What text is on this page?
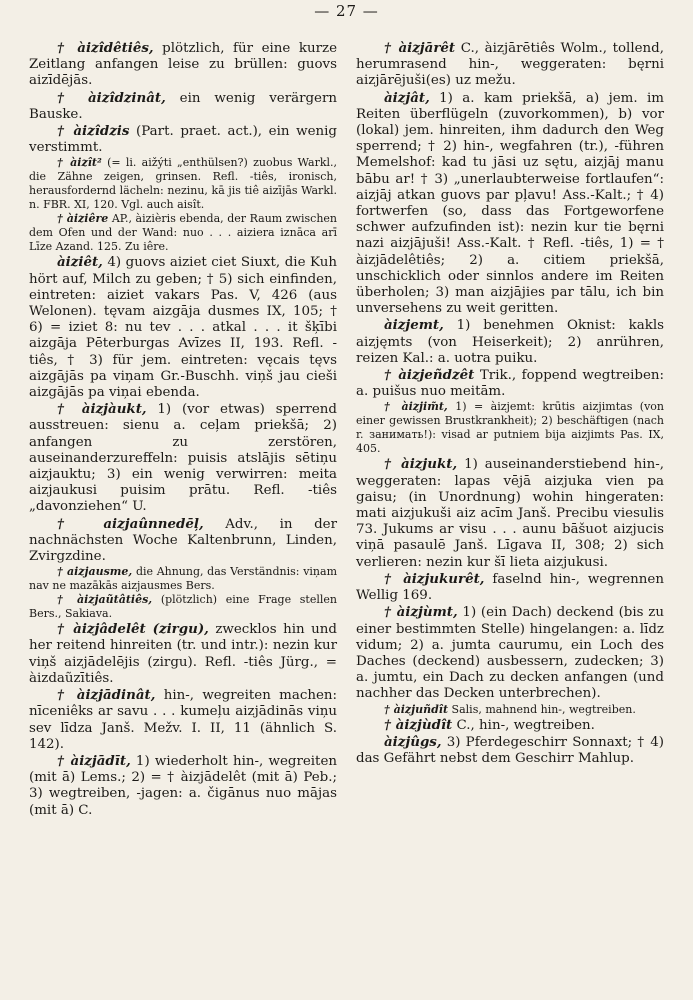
— 27 —

† àizîdêtiês, plötzlich, für eine kurze Zeitlang anfangen leise zu brüllen: guovs aizīdējās.

† àizîdzinât, ein wenig verärgern Bauske.

† àizîdzis (Part. praet. act.), ein wenig verstimmt.

† àizît² (= li. aižýti „enthülsen?) zuobus Warkl., die Zähne zeigen, grinsen. Refl. -tiês, ironisch, herausfordernd lächeln: nezinu, kā jis tiê aizījās Warkl. n. FBR. XI, 120. Vgl. auch aisît.

† àiziêre AP., àizièris ebenda, der Raum zwischen dem Ofen und der Wand: nuo . . . aiziera iznāca arī Līze Azand. 125. Zu iêre.

àiziêt, 4) guovs aiziet ciet Siuxt, die Kuh hört auf, Milch zu geben; † 5) sich einfinden, eintreten: aiziet vakars Pas. V, 426 (aus Welonen). tęvam aizgāja dusmes IX, 105; † 6) = iziet 8: nu tev . . . atkal . . . it šķībi aizgāja Pēterburgas Avīzes II, 193. Refl. -tiês, † 3) für jem. eintreten: vęcais tęvs aizgājās pa viņam Gr.-Buschh. viņš jau cieši aizgājās pa viņai ebenda.

† àizjàukt, 1) (vor etwas) sperrend ausstreuen: sienu a. ceļam priekšā; 2) anfangen zu zerstören, auseinanderzureffeln: puisis atslājis sētiņu aizjauktu; 3) ein wenig verwirren: meita aizjaukusi puisim prātu. Refl. -tiês „davonziehen“ U.

† aizjaûnnedēļ, Adv., in der nachnächsten Woche Kaltenbrunn, Linden, Zvirgzdine.

† aizjausme, die Ahnung, das Verständnis: viņam nav ne mazākās aizjausmes Bers.

† àizjaũtâtiês, (plötzlich) eine Frage stellen Bers., Sakiava.

† àizjâdelêt (zirgu), zwecklos hin und her reitend hinreiten (tr. und intr.): nezin kur viņš aizjādelējis (zirgu). Refl. -tiês Jürg., = àizdaũzītiês.

† àizjādinât, hin-, wegreiten machen: nīceniêks ar savu . . . kumeļu aizjādinās viņu sev līdza Janš. Mežv. I. II, 11 (ähnlich S. 142).

† àizjādīt, 1) wiederholt hin-, wegreiten (mit ā) Lems.; 2) = † àizjādelêt (mit ā) Peb.; 3) wegtreiben, -jagen: a. čigānus nuo mājas (mit ā) C.

† àizjārêt C., àizjārētiês Wolm., tollend, herumrasend hin-, weggeraten: bęrni aizjārējuši(es) uz mežu.

àizjât, 1) a. kam priekšā, a) jem. im Reiten überflügeln (zuvorkommen), b) vor (lokal) jem. hinreiten, ihm dadurch den Weg sperrend; † 2) hin-, wegfahren (tr.), -führen Memelshof: kad tu jāsi uz sętu, aizjāj manu bābu ar! † 3) „unerlaubterweise fortlaufen“: aizjāj atkan guovs par pļavu! Ass.-Kalt.; † 4) fortwerfen (so, dass das Fortgeworfene schwer aufzufinden ist): nezin kur tie bęrni nazi aizjājuši! Ass.-Kalt. † Refl. -tiês, 1) = † àizjādelêtiês; 2) a. citiem priekšā, unschicklich oder sinnlos andere im Reiten überholen; 3) man aizjājies par tālu, ich bin unversehens zu weit geritten.

àizjemt, 1) benehmen Oknist: kakls aizjęmts (von Heiserkeit); 2) anrühren, reizen Kal.: a. uotra puiku.

† àizjeñdzêt Trik., foppend wegtreiben: a. puišus nuo meitām.

† àizjim̃t, 1) = àizjemt: krūtis aizjimtas (von einer gewissen Brustkrankheit); 2) beschäftigen (nach r. занимать!): visad ar putniem bija aizjimts Pas. IX, 405.

† àizjukt, 1) auseinanderstiebend hin-, weggeraten: lapas vējā aizjuka vien pa gaisu; (in Unordnung) wohin hingeraten: mati aizjukuši aiz acīm Janš. Precibu viesulis 73. Jukums ar visu . . . aunu bāšuot aizjucis viņā pasaulē Janš. Līgava II, 308; 2) sich verlieren: nezin kur šī lieta aizjukusi.

† àizjukurêt, faselnd hin-, wegrennen Wellig 169.

† àizjùmt, 1) (ein Dach) deckend (bis zu einer bestimmten Stelle) hingelangen: a. līdz vidum; 2) a. jumta caurumu, ein Loch des Daches (deckend) ausbessern, zudecken; 3) a. jumtu, ein Dach zu decken anfangen (und nachher das Decken unterbrechen).

† àizjuñdît Salis, mahnend hin-, wegtreiben.

† àizjùdît C., hin-, wegtreiben.

àizjûgs, 3) Pferdegeschirr Sonnaxt; † 4) das Gefährt nebst dem Geschirr Mahlup.
